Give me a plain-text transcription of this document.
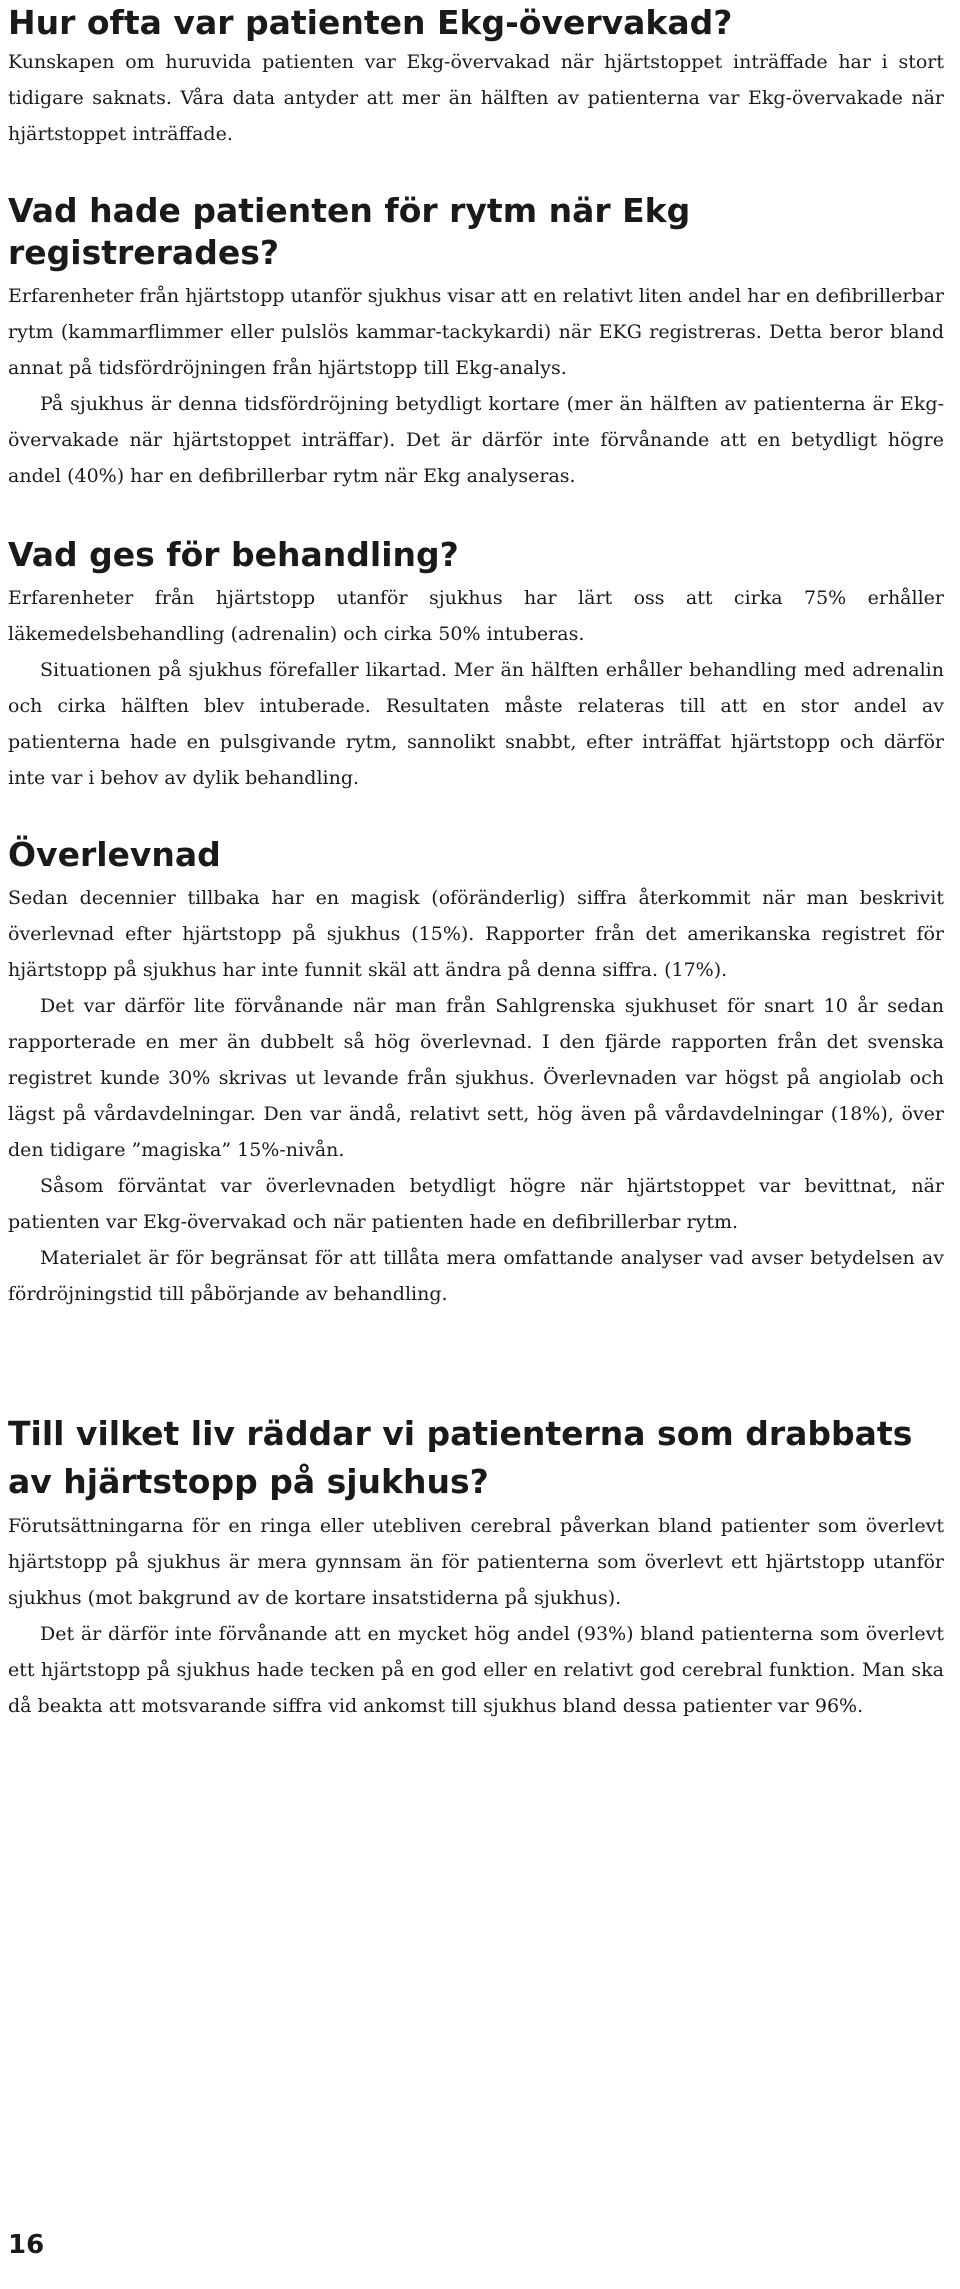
Hur ofta var patienten Ekg-övervakad?

Kunskapen om huruvida patienten var Ekg-övervakad när hjärtstoppet inträffade har i stort tidigare saknats. Våra data antyder att mer än hälften av patienterna var Ekg-övervakade när hjärtstoppet inträffade.

Vad hade patienten för rytm när Ekg registrerades?

Erfarenheter från hjärtstopp utanför sjukhus visar att en relativt liten andel har en defibrillerbar rytm (kammarflimmer eller pulslös kammar-tackykardi) när EKG registreras. Detta beror bland annat på tidsfördröjningen från hjärtstopp till Ekg-analys.

På sjukhus är denna tidsfördröjning betydligt kortare (mer än hälften av patienterna är Ekg-övervakade när hjärtstoppet inträffar). Det är därför inte förvånande att en betydligt högre andel (40%) har en defibrillerbar rytm när Ekg analyseras.

Vad ges för behandling?

Erfarenheter från hjärtstopp utanför sjukhus har lärt oss att cirka 75% erhåller läkemedelsbehandling (adrenalin) och cirka 50% intuberas.

Situationen på sjukhus förefaller likartad. Mer än hälften erhåller behandling med adrenalin och cirka hälften blev intuberade. Resultaten måste relateras till att en stor andel av patienterna hade en pulsgivande rytm, sannolikt snabbt, efter inträffat hjärtstopp och därför inte var i behov av dylik behandling.

Överlevnad

Sedan decennier tillbaka har en magisk (oföränderlig) siffra återkommit när man beskrivit överlevnad efter hjärtstopp på sjukhus (15%). Rapporter från det amerikanska registret för hjärtstopp på sjukhus har inte funnit skäl att ändra på denna siffra. (17%).

Det var därför lite förvånande när man från Sahlgrenska sjukhuset för snart 10 år sedan rapporterade en mer än dubbelt så hög överlevnad. I den fjärde rapporten från det svenska registret kunde 30% skrivas ut levande från sjukhus. Överlevnaden var högst på angiolab och lägst på vårdavdelningar. Den var ändå, relativt sett, hög även på vårdavdelningar (18%), över den tidigare ”magiska” 15%-nivån.

Såsom förväntat var överlevnaden betydligt högre när hjärtstoppet var bevittnat, när patienten var Ekg-övervakad och när patienten hade en defibrillerbar rytm.

Materialet är för begränsat för att tillåta mera omfattande analyser vad avser betydelsen av fördröjningstid till påbörjande av behandling.

Till vilket liv räddar vi patienterna som drabbats av hjärtstopp på sjukhus?

Förutsättningarna för en ringa eller utebliven cerebral påverkan bland patienter som överlevt hjärtstopp på sjukhus är mera gynnsam än för patienterna som överlevt ett hjärtstopp utanför sjukhus (mot bakgrund av de kortare insatstiderna på sjukhus).

Det är därför inte förvånande att en mycket hög andel (93%) bland patienterna som överlevt ett hjärtstopp på sjukhus hade tecken på en god eller en relativt god cerebral funktion. Man ska då beakta att motsvarande siffra vid ankomst till sjukhus bland dessa patienter var 96%.

16
